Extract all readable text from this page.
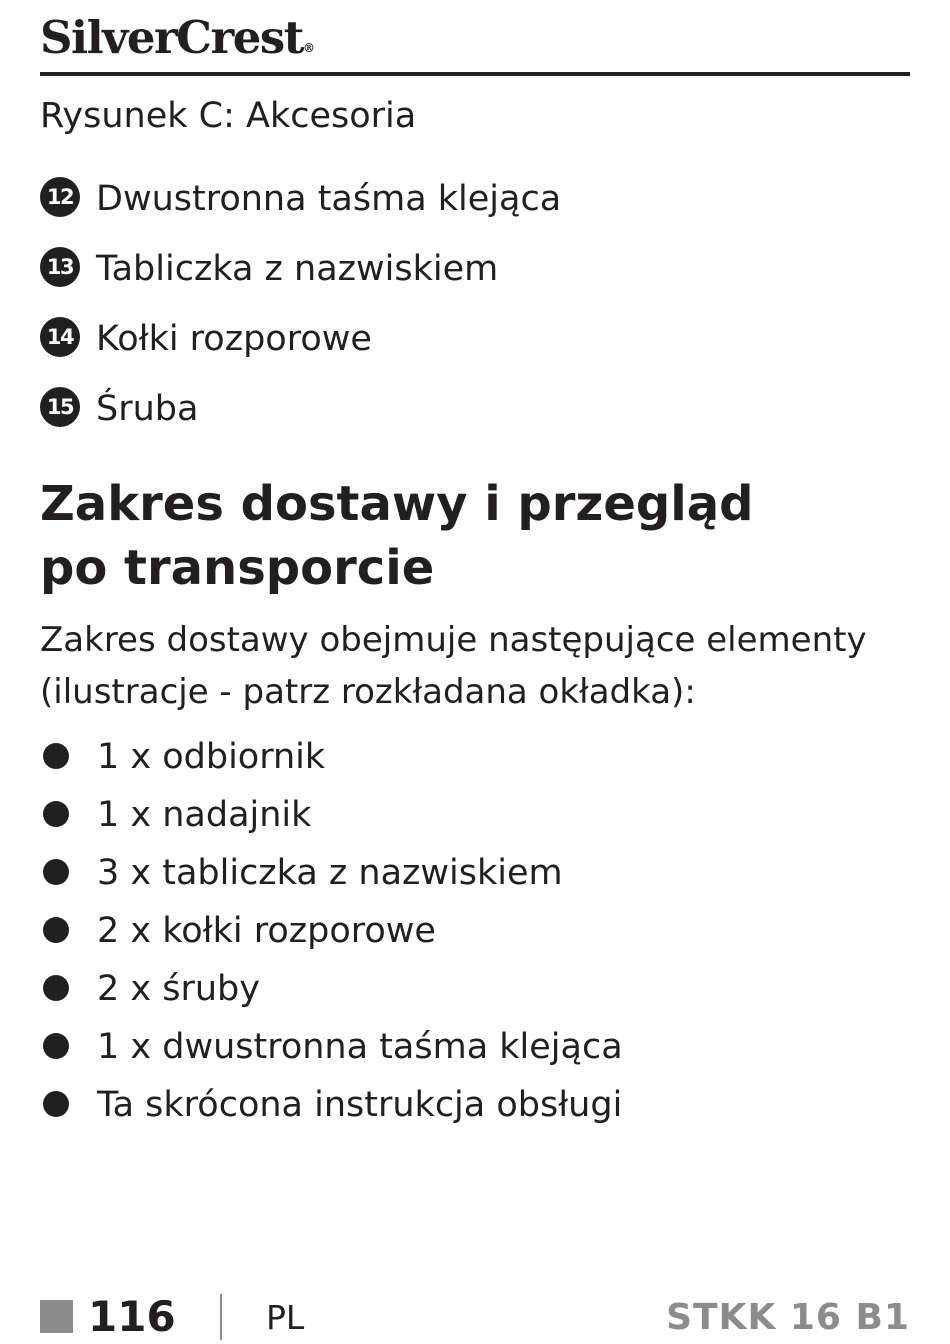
SilverCrest®
Rysunek C: Akcesoria
12 Dwustronna taśma klejąca
13 Tabliczka z nazwiskiem
14 Kołki rozporowe
15 Śruba
Zakres dostawy i przegląd
po transporcie
Zakres dostawy obejmuje następujące elementy
(ilustracje - patrz rozkładana okładka):
1 x odbiornik
1 x nadajnik
3 x tabliczka z nazwiskiem
2 x kołki rozporowe
2 x śruby
1 x dwustronna taśma klejąca
Ta skrócona instrukcja obsługi
116	PL	STKK 16 B1
